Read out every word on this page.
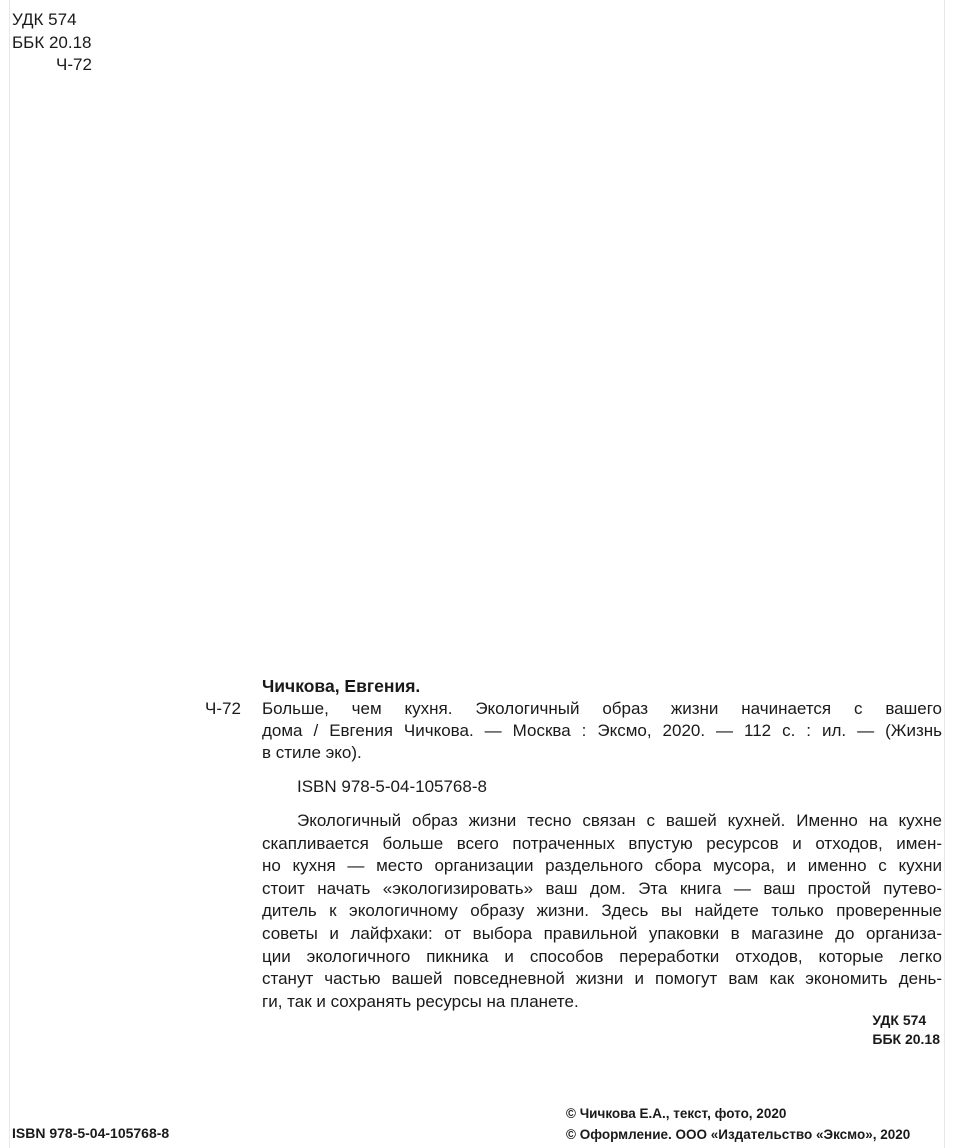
УДК 574
ББК 20.18
Ч-72
Чичкова, Евгения.
Ч-72 Больше, чем кухня. Экологичный образ жизни начинается с вашего
дома / Евгения Чичкова. — Москва : Эксмо, 2020. — 112 с. : ил. — (Жизнь
в стиле эко).
ISBN 978-5-04-105768-8
Экологичный образ жизни тесно связан с вашей кухней. Именно на кухне
скапливается больше всего потраченных впустую ресурсов и отходов, имен-
но кухня — место организации раздельного сбора мусора, и именно с кухни
стоит начать «экологизировать» ваш дом. Эта книга — ваш простой путево-
дитель к экологичному образу жизни. Здесь вы найдете только проверенные
советы и лайфхаки: от выбора правильной упаковки в магазине до организа-
ции экологичного пикника и способов переработки отходов, которые легко
станут частью вашей повседневной жизни и помогут вам как экономить день-
ги, так и сохранять ресурсы на планете.
УДК 574
ББК 20.18
© Чичкова Е.А., текст, фото, 2020
© Оформление. ООО «Издательство «Эксмо», 2020
ISBN 978-5-04-105768-8
